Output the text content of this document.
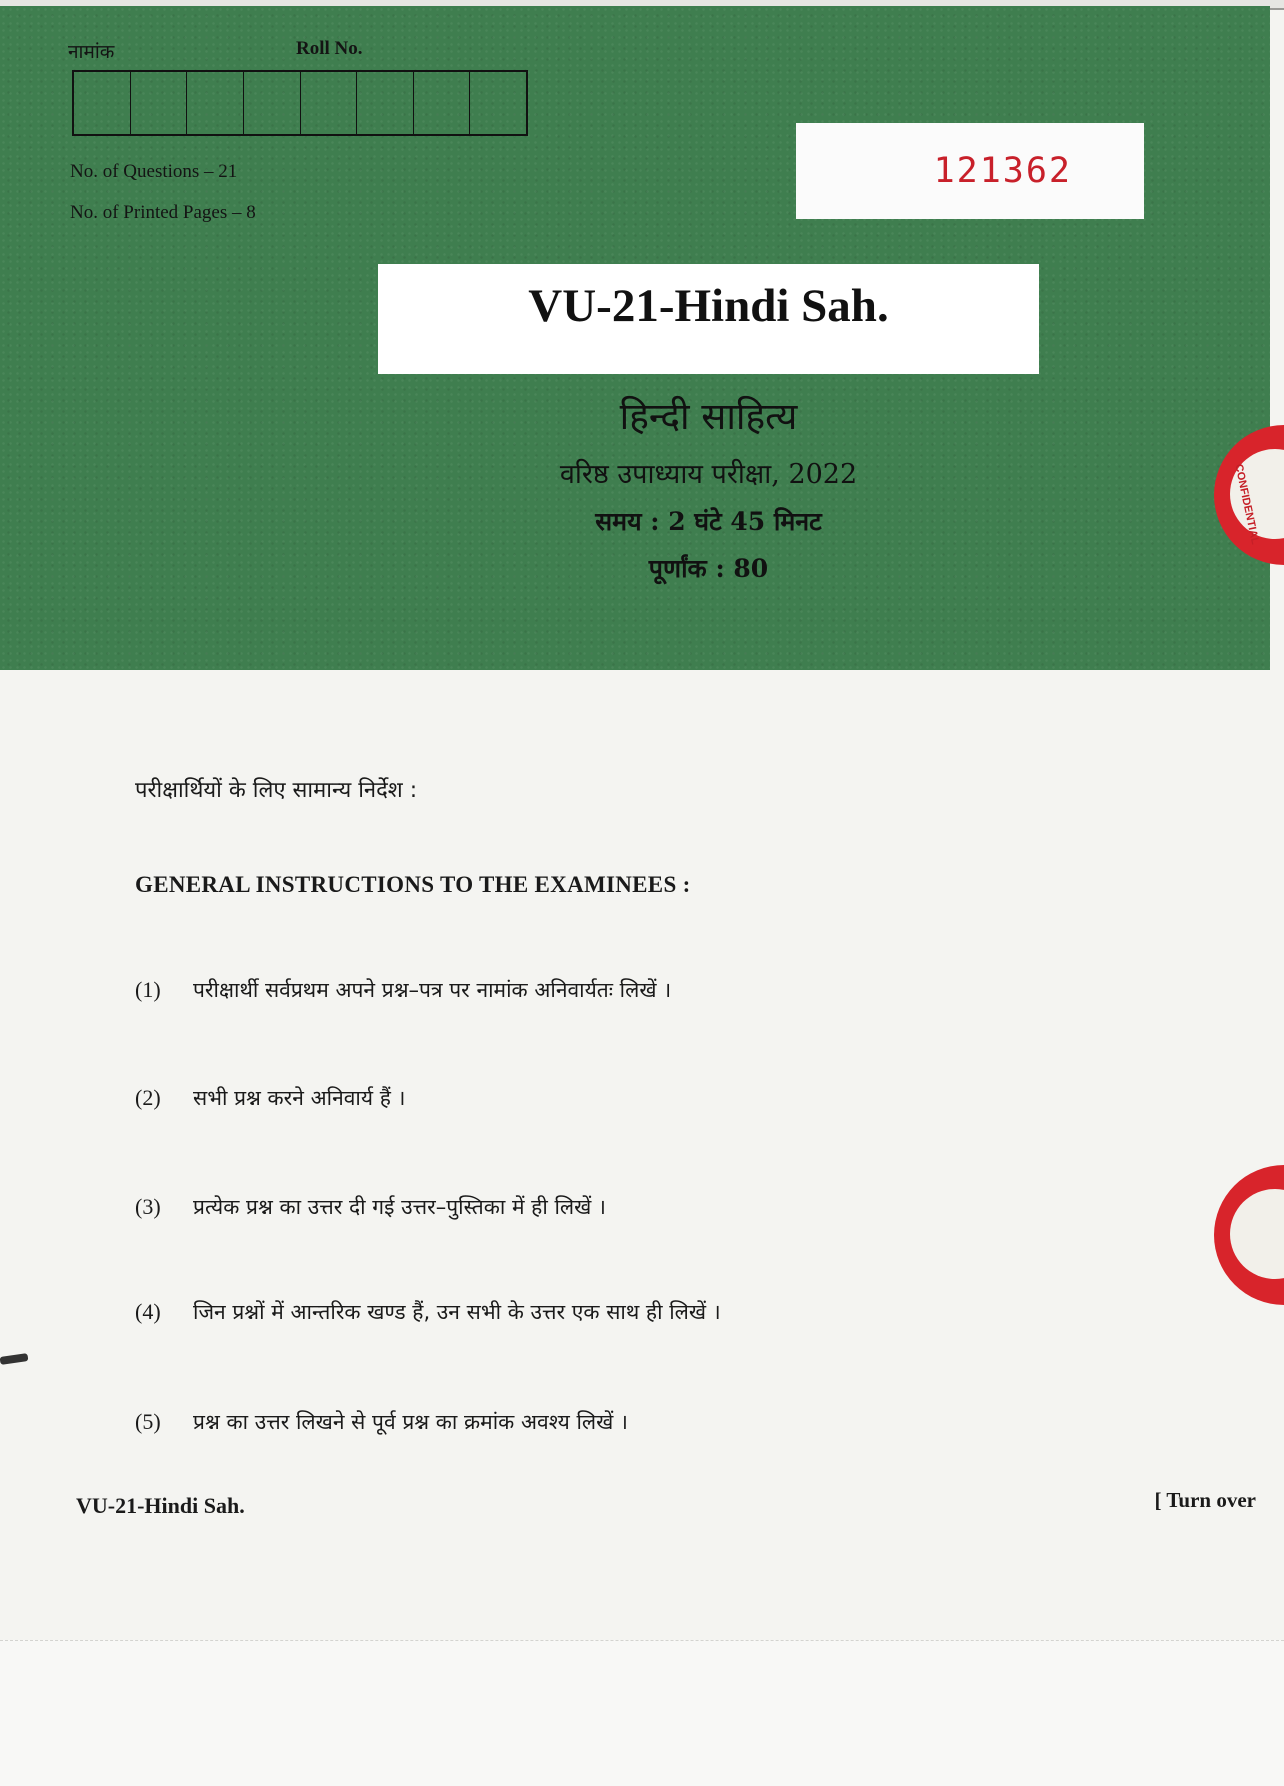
नामांक	Roll No.
No. of Questions – 21
No. of Printed Pages – 8
121362
VU-21-Hindi Sah.
हिन्दी साहित्य
वरिष्ठ उपाध्याय परीक्षा, 2022
समय : 2 घंटे 45 मिनट
पूर्णांक : 80
CONFIDENTIAL
परीक्षार्थियों के लिए सामान्य निर्देश :
GENERAL INSTRUCTIONS TO THE EXAMINEES :
(1)	परीक्षार्थी सर्वप्रथम अपने प्रश्न–पत्र पर नामांक अनिवार्यतः लिखें ।
(2)	सभी प्रश्न करने अनिवार्य हैं ।
(3)	प्रत्येक प्रश्न का उत्तर दी गई उत्तर–पुस्तिका में ही लिखें ।
(4)	जिन प्रश्नों में आन्तरिक खण्ड हैं, उन सभी के उत्तर एक साथ ही लिखें ।
(5)	प्रश्न का उत्तर लिखने से पूर्व प्रश्न का क्रमांक अवश्य लिखें ।
VU-21-Hindi Sah.	[ Turn over
